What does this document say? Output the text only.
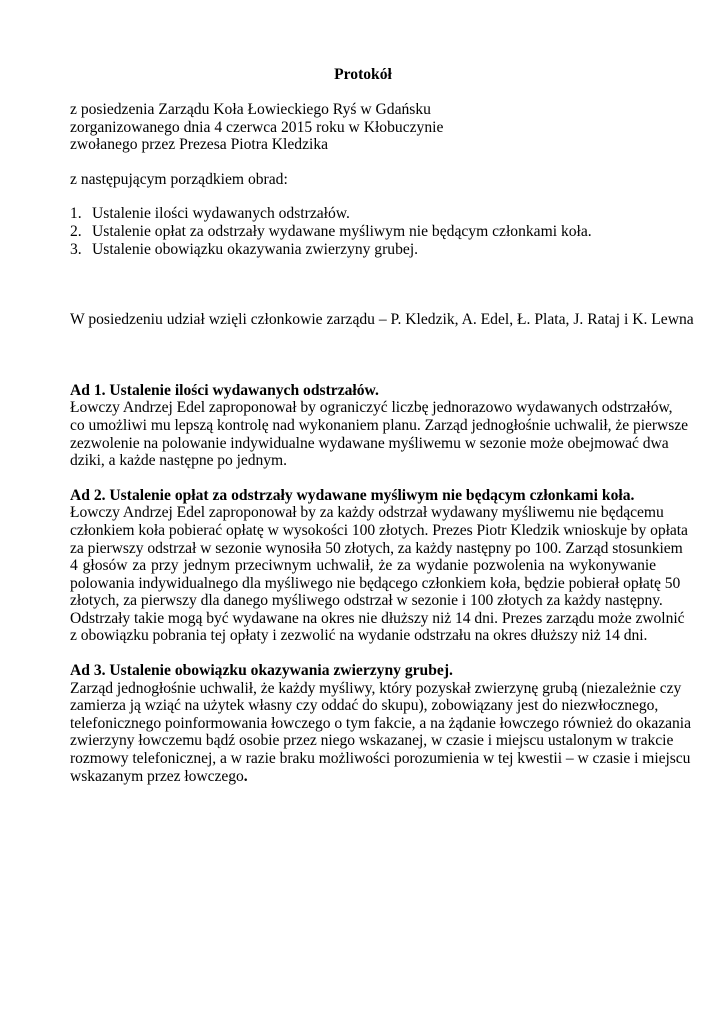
Protokół
z posiedzenia Zarządu Koła Łowieckiego Ryś w Gdańsku
zorganizowanego dnia 4 czerwca 2015 roku w Kłobuczynie
zwołanego przez Prezesa Piotra Kledzika
z następującym porządkiem obrad:
1. Ustalenie ilości wydawanych odstrzałów.
2. Ustalenie opłat za odstrzały wydawane myśliwym nie będącym członkami koła.
3. Ustalenie obowiązku okazywania zwierzyny grubej.
W posiedzeniu udział wzięli członkowie zarządu – P. Kledzik, A. Edel, Ł. Plata, J. Rataj i K. Lewna
Ad 1. Ustalenie ilości wydawanych odstrzałów.
Łowczy Andrzej Edel zaproponował by ograniczyć liczbę jednorazowo wydawanych odstrzałów,
co umożliwi mu lepszą kontrolę nad wykonaniem planu. Zarząd jednogłośnie uchwalił, że pierwsze
zezwolenie na polowanie indywidualne wydawane myśliwemu w sezonie może obejmować dwa
dziki, a każde następne po jednym.
Ad 2. Ustalenie opłat za odstrzały wydawane myśliwym nie będącym członkami koła.
Łowczy Andrzej Edel zaproponował by za każdy odstrzał wydawany myśliwemu nie będącemu
członkiem koła pobierać opłatę w wysokości 100 złotych. Prezes Piotr Kledzik wnioskuje by opłata
za pierwszy odstrzał w sezonie wynosiła 50 złotych, za każdy następny po 100. Zarząd stosunkiem
4 głosów za przy jednym przeciwnym uchwalił, że za wydanie pozwolenia na wykonywanie
polowania indywidualnego dla myśliwego nie będącego członkiem koła, będzie pobierał opłatę 50
złotych, za pierwszy dla danego myśliwego odstrzał w sezonie i 100 złotych za każdy następny.
Odstrzały takie mogą być wydawane na okres nie dłuższy niż 14 dni. Prezes zarządu może zwolnić
z obowiązku pobrania tej opłaty i zezwolić na wydanie odstrzału na okres dłuższy niż 14 dni.
Ad 3. Ustalenie obowiązku okazywania zwierzyny grubej.
Zarząd jednogłośnie uchwalił, że każdy myśliwy, który pozyskał zwierzynę grubą (niezależnie czy
zamierza ją wziąć na użytek własny czy oddać do skupu), zobowiązany jest do niezwłocznego,
telefonicznego poinformowania łowczego o tym fakcie, a na żądanie łowczego również do okazania
zwierzyny łowczemu bądź osobie przez niego wskazanej, w czasie i miejscu ustalonym w trakcie
rozmowy telefonicznej, a w razie braku możliwości porozumienia w tej kwestii – w czasie i miejscu
wskazanym przez łowczego.
